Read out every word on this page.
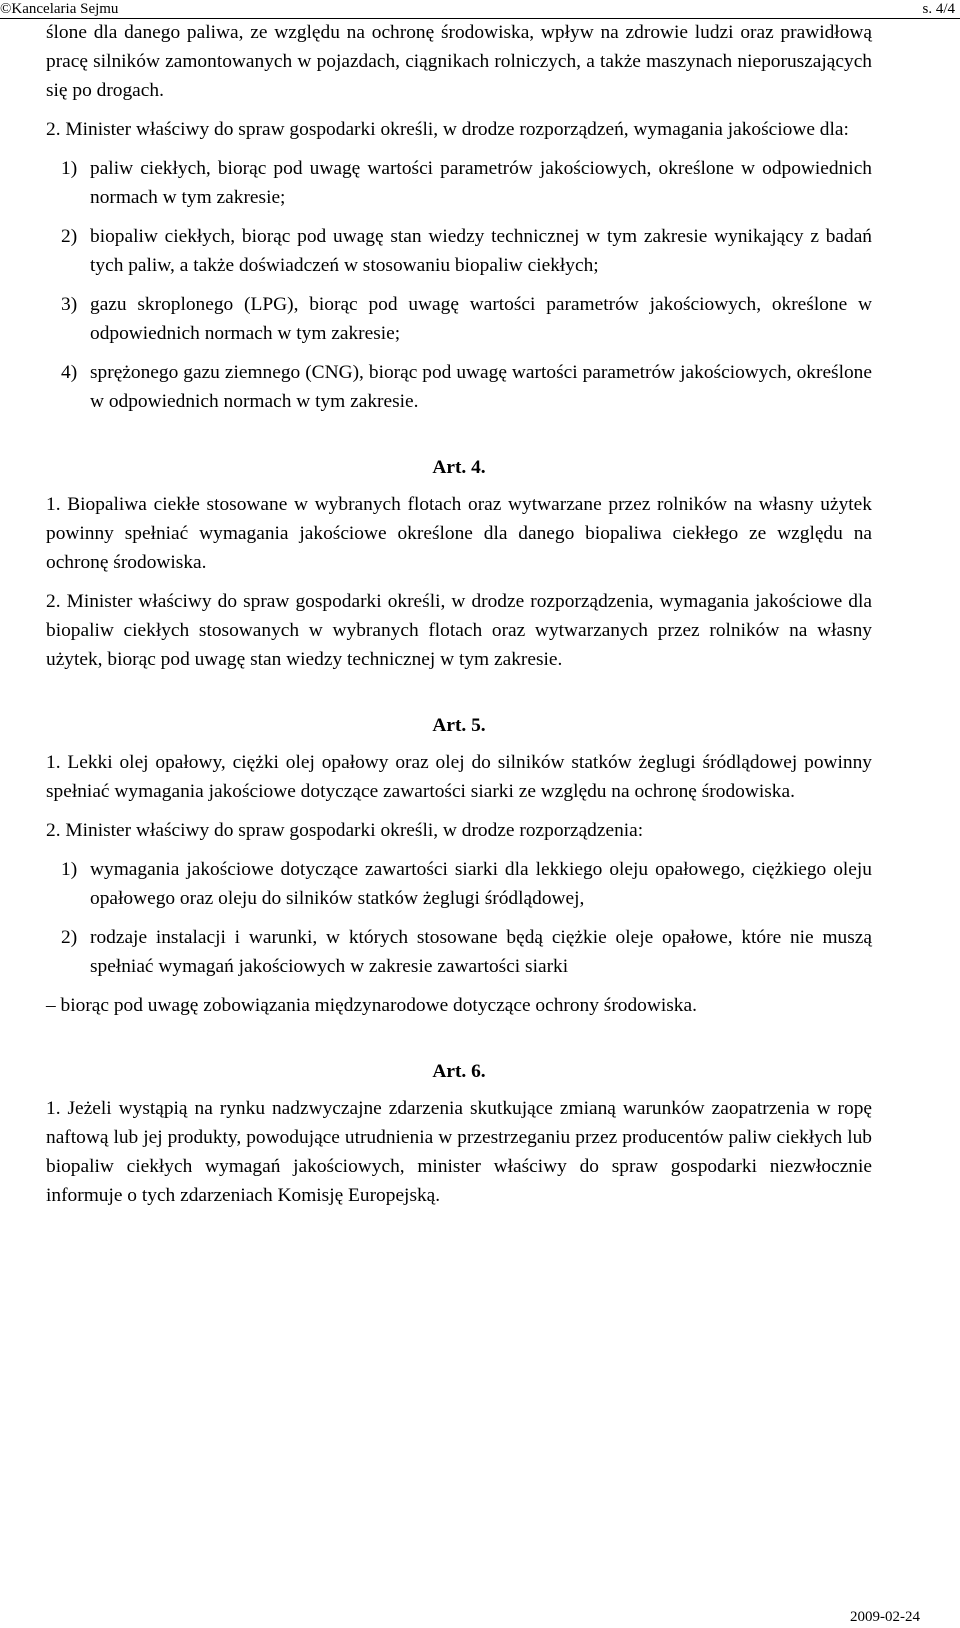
©Kancelaria Sejmu	s. 4/4

ślone dla danego paliwa, ze względu na ochronę środowiska, wpływ na zdrowie ludzi oraz prawidłową pracę silników zamontowanych w pojazdach, ciągnikach rolniczych, a także maszynach nieporuszających się po drogach.

2. Minister właściwy do spraw gospodarki określi, w drodze rozporządzeń, wymagania jakościowe dla:

1) paliw ciekłych, biorąc pod uwagę wartości parametrów jakościowych, określone w odpowiednich normach w tym zakresie;
2) biopaliw ciekłych, biorąc pod uwagę stan wiedzy technicznej w tym zakresie wynikający z badań tych paliw, a także doświadczeń w stosowaniu biopaliw ciekłych;
3) gazu skroplonego (LPG), biorąc pod uwagę wartości parametrów jakościowych, określone w odpowiednich normach w tym zakresie;
4) sprężonego gazu ziemnego (CNG), biorąc pod uwagę wartości parametrów jakościowych, określone w odpowiednich normach w tym zakresie.
Art. 4.

1. Biopaliwa ciekłe stosowane w wybranych flotach oraz wytwarzane przez rolników na własny użytek powinny spełniać wymagania jakościowe określone dla danego biopaliwa ciekłego ze względu na ochronę środowiska.

2. Minister właściwy do spraw gospodarki określi, w drodze rozporządzenia, wymagania jakościowe dla biopaliw ciekłych stosowanych w wybranych flotach oraz wytwarzanych przez rolników na własny użytek, biorąc pod uwagę stan wiedzy technicznej w tym zakresie.

Art. 5.

1. Lekki olej opałowy, ciężki olej opałowy oraz olej do silników statków żeglugi śródlądowej powinny spełniać wymagania jakościowe dotyczące zawartości siarki ze względu na ochronę środowiska.

2. Minister właściwy do spraw gospodarki określi, w drodze rozporządzenia:

1) wymagania jakościowe dotyczące zawartości siarki dla lekkiego oleju opałowego, ciężkiego oleju opałowego oraz oleju do silników statków żeglugi śródlądowej,
2) rodzaje instalacji i warunki, w których stosowane będą ciężkie oleje opałowe, które nie muszą spełniać wymagań jakościowych w zakresie zawartości siarki

– biorąc pod uwagę zobowiązania międzynarodowe dotyczące ochrony środowiska.

Art. 6.

1. Jeżeli wystąpią na rynku nadzwyczajne zdarzenia skutkujące zmianą warunków zaopatrzenia w ropę naftową lub jej produkty, powodujące utrudnienia w przestrzeganiu przez producentów paliw ciekłych lub biopaliw ciekłych wymagań jakościowych, minister właściwy do spraw gospodarki niezwłocznie informuje o tych zdarzeniach Komisję Europejską.

2009-02-24
